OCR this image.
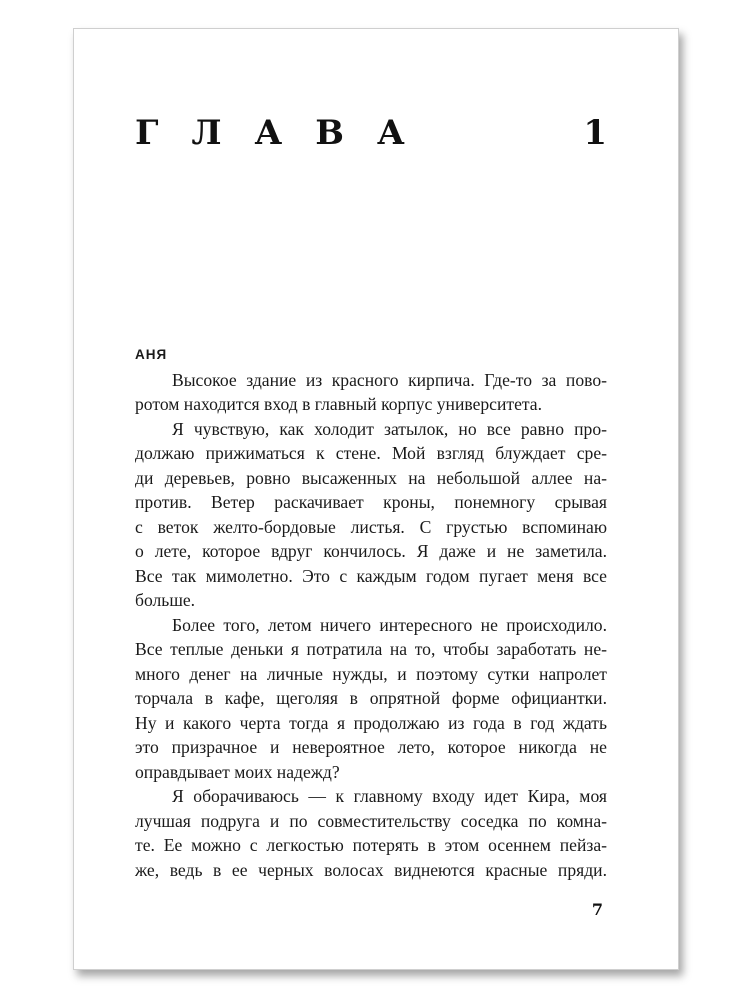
ГЛАВА	1

АНЯ

Высокое здание из красного кирпича. Где-то за пово-

ротом находится вход в главный корпус университета.

Я чувствую, как холодит затылок, но все равно про-

должаю прижиматься к стене. Мой взгляд блуждает сре-

ди деревьев, ровно высаженных на небольшой аллее на-

против. Ветер раскачивает кроны, понемногу срывая

с веток желто-бордовые листья. С грустью вспоминаю

о лете, которое вдруг кончилось. Я даже и не заметила.

Все так мимолетно. Это с каждым годом пугает меня все

больше.

Более того, летом ничего интересного не происходило.

Все теплые деньки я потратила на то, чтобы заработать не-

много денег на личные нужды, и поэтому сутки напролет

торчала в кафе, щеголяя в опрятной форме официантки.

Ну и какого черта тогда я продолжаю из года в год ждать

это призрачное и невероятное лето, которое никогда не

оправдывает моих надежд?

Я оборачиваюсь — к главному входу идет Кира, моя

лучшая подруга и по совместительству соседка по комна-

те. Ее можно с легкостью потерять в этом осеннем пейза-

же, ведь в ее черных волосах виднеются красные пряди.

7
